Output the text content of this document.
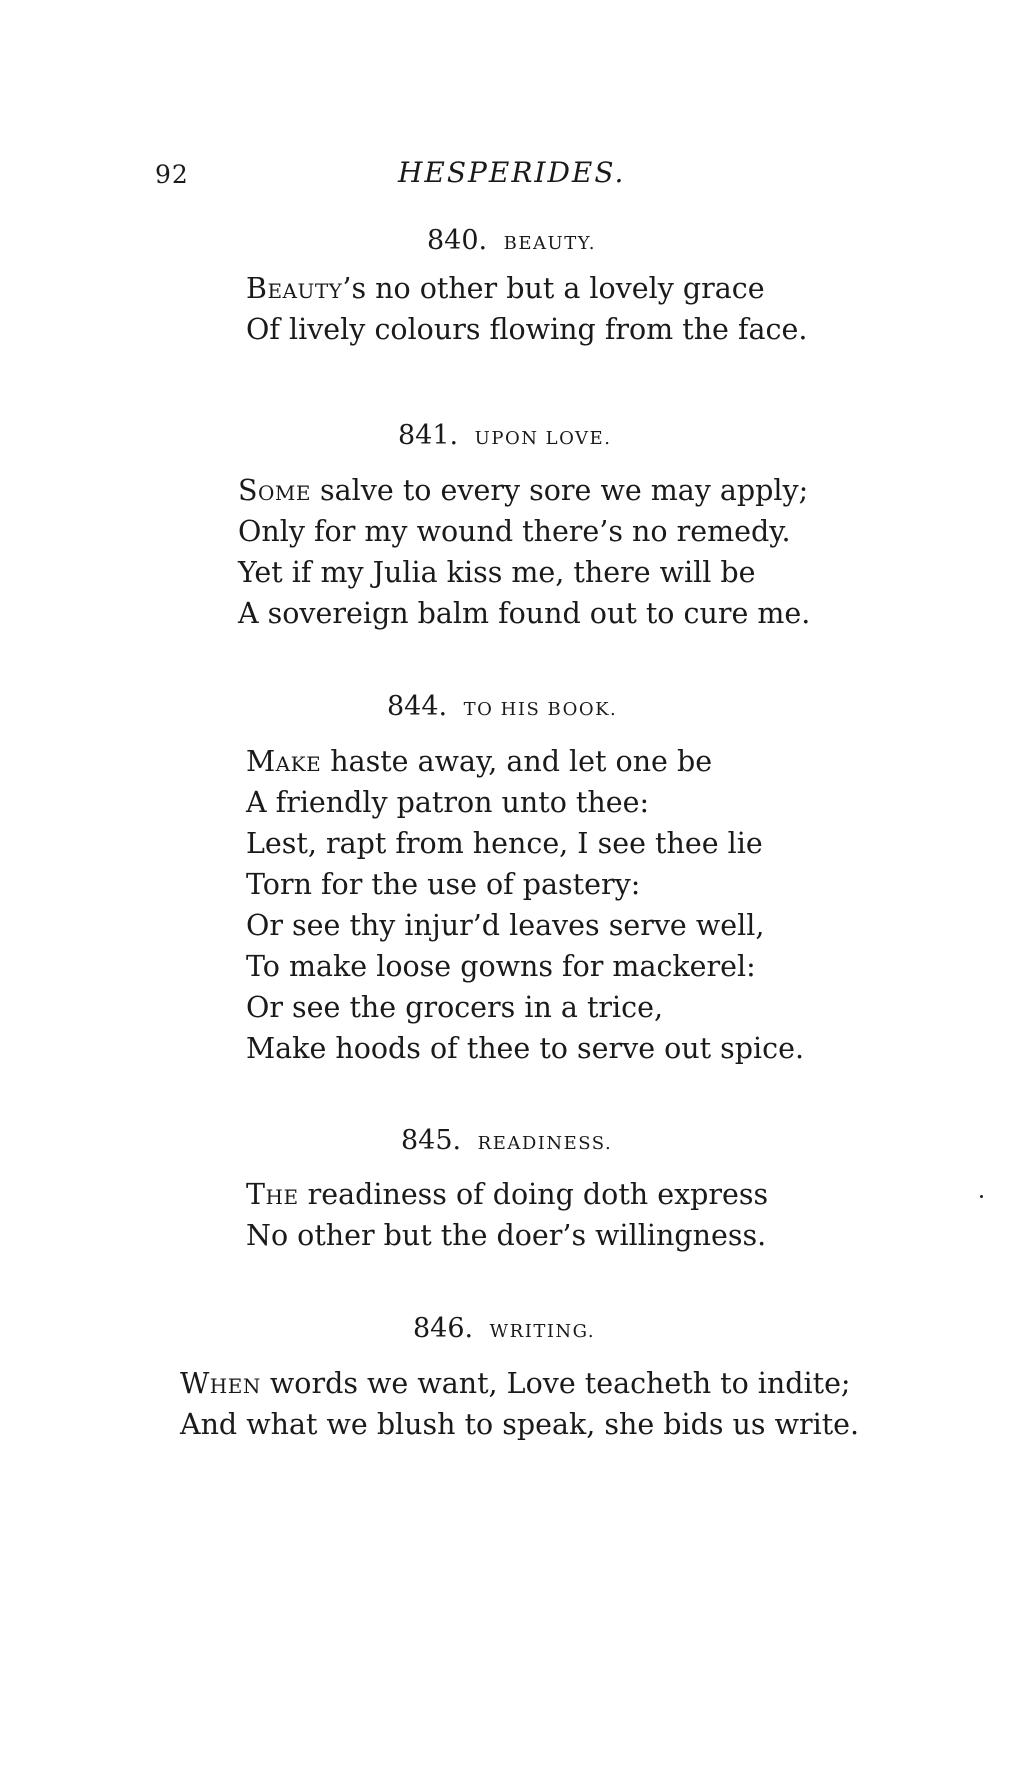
92	HESPERIDES.
840. BEAUTY.
Beauty’s no other but a lovely grace
Of lively colours flowing from the face.
841. UPON LOVE.
Some salve to every sore we may apply;
Only for my wound there’s no remedy.
Yet if my Julia kiss me, there will be
A sovereign balm found out to cure me.
844. TO HIS BOOK.
Make haste away, and let one be
A friendly patron unto thee:
Lest, rapt from hence, I see thee lie
Torn for the use of pastery:
Or see thy injur’d leaves serve well,
To make loose gowns for mackerel:
Or see the grocers in a trice,
Make hoods of thee to serve out spice.
845. READINESS.
The readiness of doing doth express
No other but the doer’s willingness.
846. WRITING.
When words we want, Love teacheth to indite;
And what we blush to speak, she bids us write.
